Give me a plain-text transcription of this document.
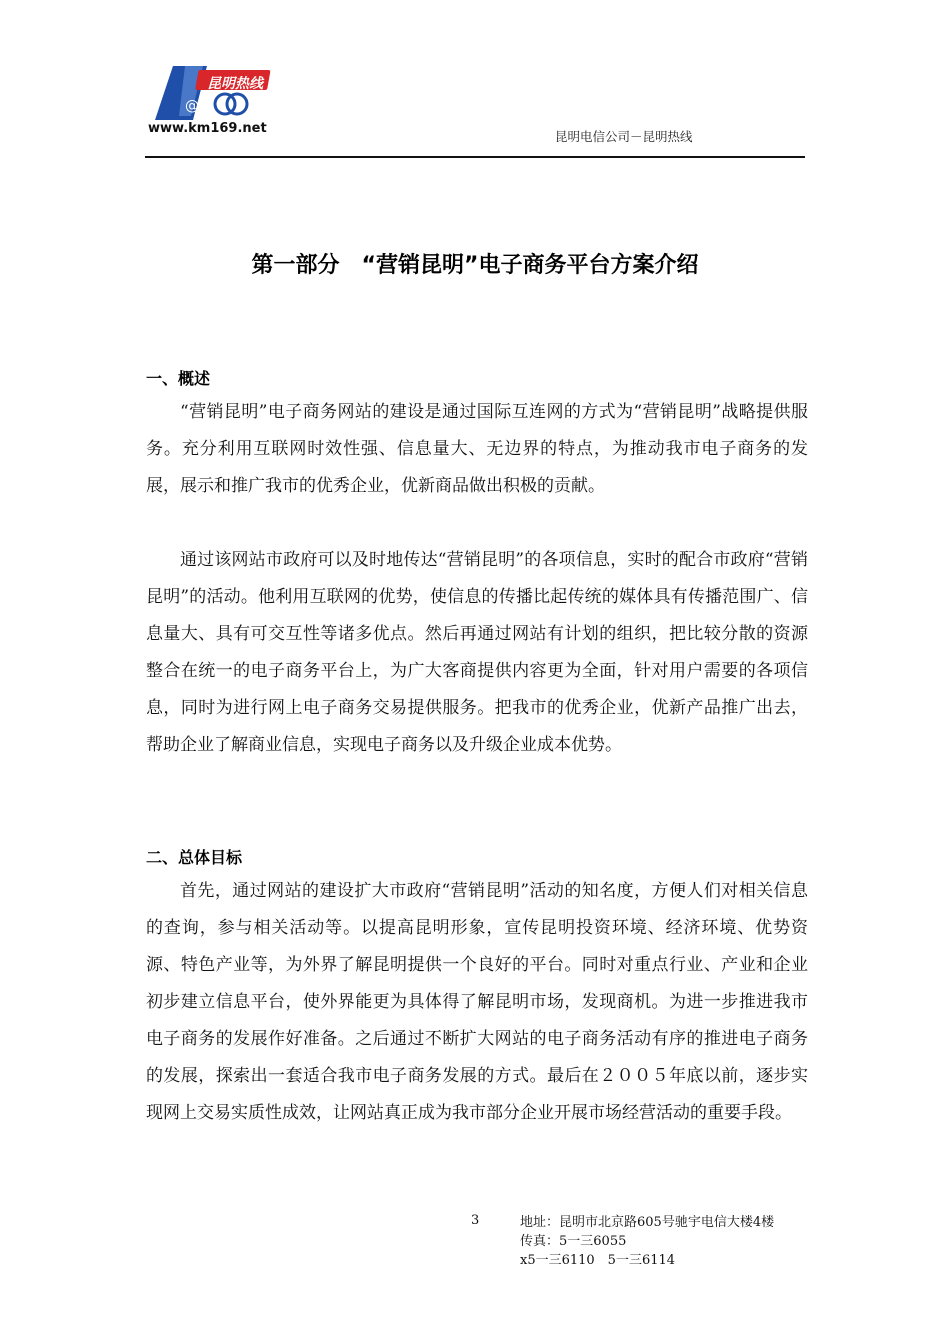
@
昆明热线
www.km169.net
昆明电信公司－昆明热线
第一部分　“营销昆明”电子商务平台方案介绍
一、概述

“营销昆明”电子商务网站的建设是通过国际互连网的方式为“营销昆明”战略提供服务。充分利用互联网时效性强、信息量大、无边界的特点，为推动我市电子商务的发展，展示和推广我市的优秀企业，优新商品做出积极的贡献。

通过该网站市政府可以及时地传达“营销昆明”的各项信息，实时的配合市政府“营销昆明”的活动。他利用互联网的优势，使信息的传播比起传统的媒体具有传播范围广、信息量大、具有可交互性等诸多优点。然后再通过网站有计划的组织，把比较分散的资源整合在统一的电子商务平台上，为广大客商提供内容更为全面，针对用户需要的各项信息，同时为进行网上电子商务交易提供服务。把我市的优秀企业，优新产品推广出去，帮助企业了解商业信息，实现电子商务以及升级企业成本优势。

二、总体目标

首先，通过网站的建设扩大市政府“营销昆明”活动的知名度，方便人们对相关信息的查询，参与相关活动等。以提高昆明形象，宣传昆明投资环境、经济环境、优势资源、特色产业等，为外界了解昆明提供一个良好的平台。同时对重点行业、产业和企业初步建立信息平台，使外界能更为具体得了解昆明市场，发现商机。为进一步推进我市电子商务的发展作好准备。之后通过不断扩大网站的电子商务活动有序的推进电子商务的发展，探索出一套适合我市电子商务发展的方式。最后在２００５年底以前，逐步实现网上交易实质性成效，让网站真正成为我市部分企业开展市场经营活动的重要手段。

3	地址：昆明市北京路605号驰宇电信大楼4楼
传真：5一三6055
x5一三6110　5一三6114
